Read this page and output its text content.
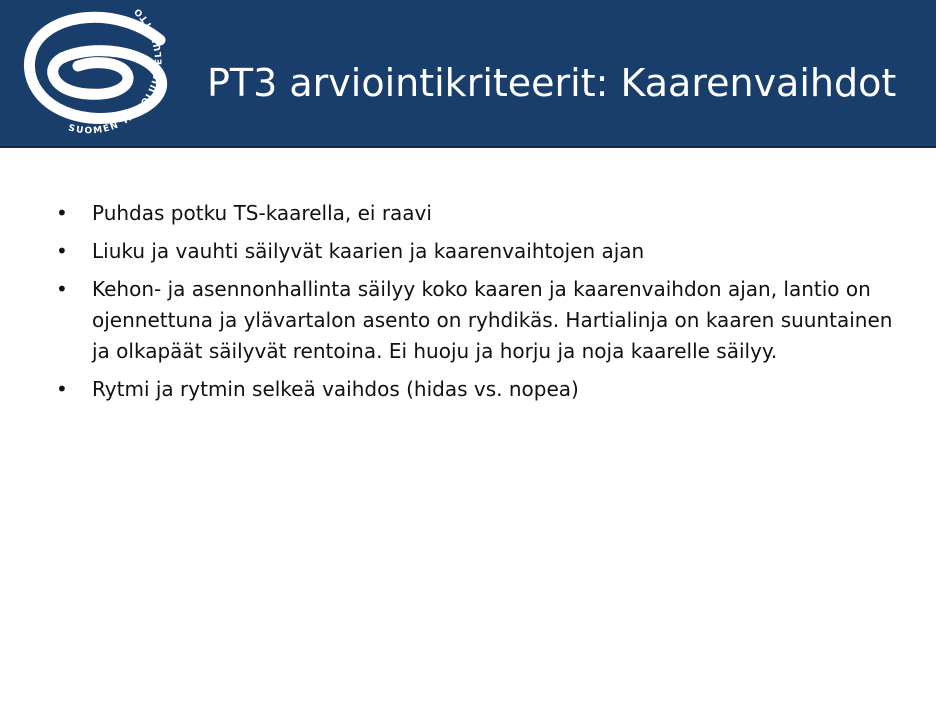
SUOMEN TAITOLUISTELULIITTO
PT3 arviointikriteerit: Kaarenvaihdot
• Puhdas potku TS-kaarella, ei raavi
• Liuku ja vauhti säilyvät kaarien ja kaarenvaihtojen ajan
• Kehon- ja asennonhallinta säilyy koko kaaren ja kaarenvaihdon ajan, lantio on ojennettuna ja ylävartalon asento on ryhdikäs. Hartialinja on kaaren suuntainen ja olkapäät säilyvät rentoina. Ei huoju ja horju ja noja kaarelle säilyy.
• Rytmi ja rytmin selkeä vaihdos (hidas vs. nopea)
